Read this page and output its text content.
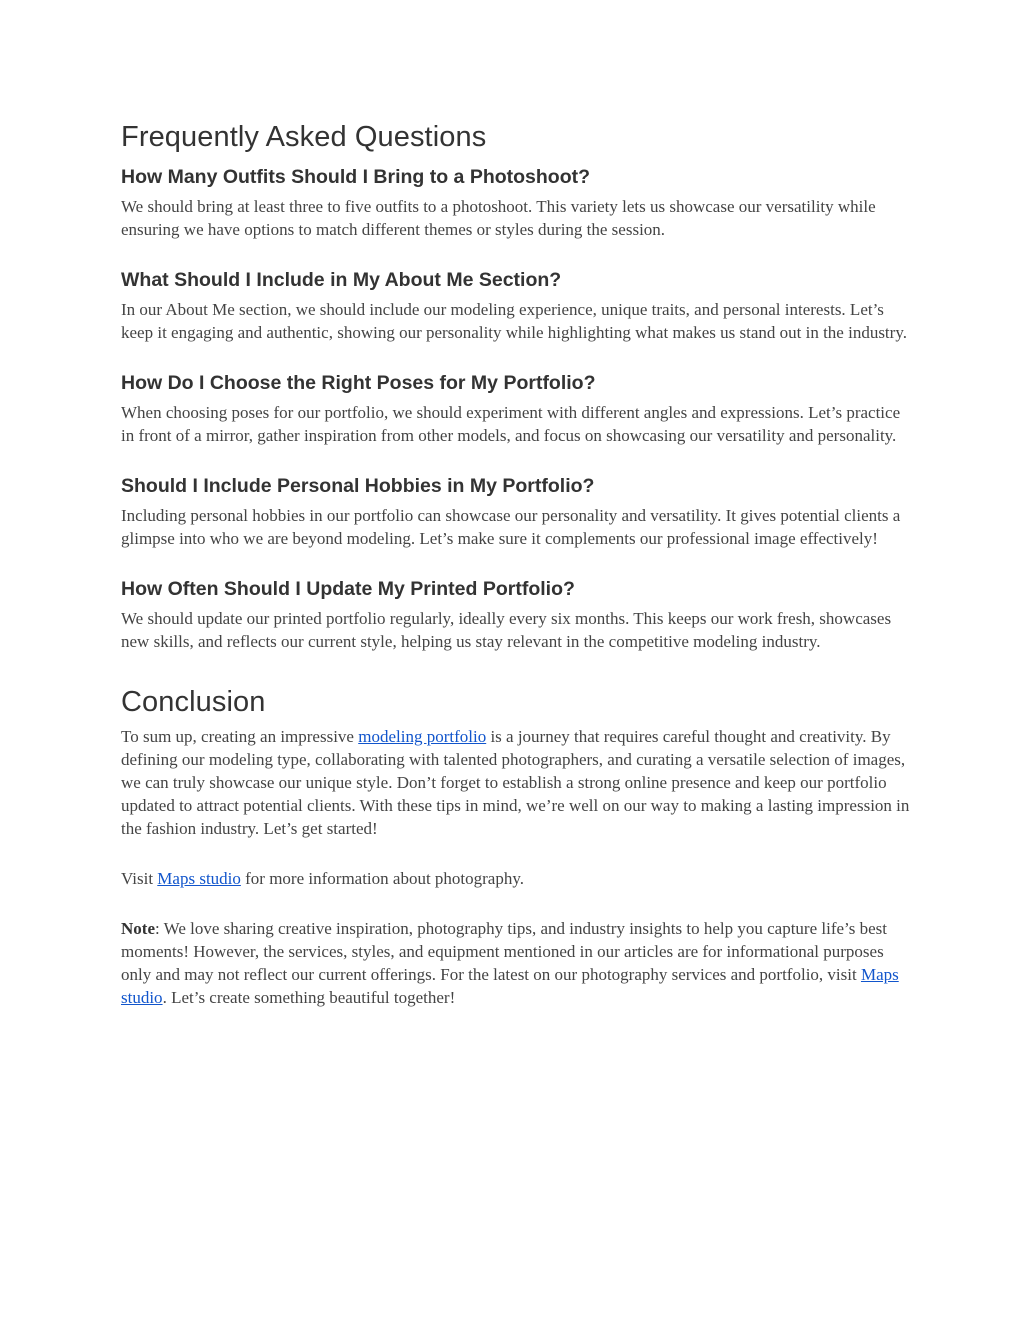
Frequently Asked Questions
How Many Outfits Should I Bring to a Photoshoot?

We should bring at least three to five outfits to a photoshoot. This variety lets us showcase our versatility while ensuring we have options to match different themes or styles during the session.

What Should I Include in My About Me Section?

In our About Me section, we should include our modeling experience, unique traits, and personal interests. Let’s keep it engaging and authentic, showing our personality while highlighting what makes us stand out in the industry.

How Do I Choose the Right Poses for My Portfolio?

When choosing poses for our portfolio, we should experiment with different angles and expressions. Let’s practice in front of a mirror, gather inspiration from other models, and focus on showcasing our versatility and personality.

Should I Include Personal Hobbies in My Portfolio?

Including personal hobbies in our portfolio can showcase our personality and versatility. It gives potential clients a glimpse into who we are beyond modeling. Let’s make sure it complements our professional image effectively!

How Often Should I Update My Printed Portfolio?

We should update our printed portfolio regularly, ideally every six months. This keeps our work fresh, showcases new skills, and reflects our current style, helping us stay relevant in the competitive modeling industry.

Conclusion

To sum up, creating an impressive modeling portfolio is a journey that requires careful thought and creativity. By defining our modeling type, collaborating with talented photographers, and curating a versatile selection of images, we can truly showcase our unique style. Don’t forget to establish a strong online presence and keep our portfolio updated to attract potential clients. With these tips in mind, we’re well on our way to making a lasting impression in the fashion industry. Let’s get started!

Visit Maps studio for more information about photography.

Note: We love sharing creative inspiration, photography tips, and industry insights to help you capture life’s best moments! However, the services, styles, and equipment mentioned in our articles are for informational purposes only and may not reflect our current offerings. For the latest on our photography services and portfolio, visit Maps studio. Let’s create something beautiful together!
